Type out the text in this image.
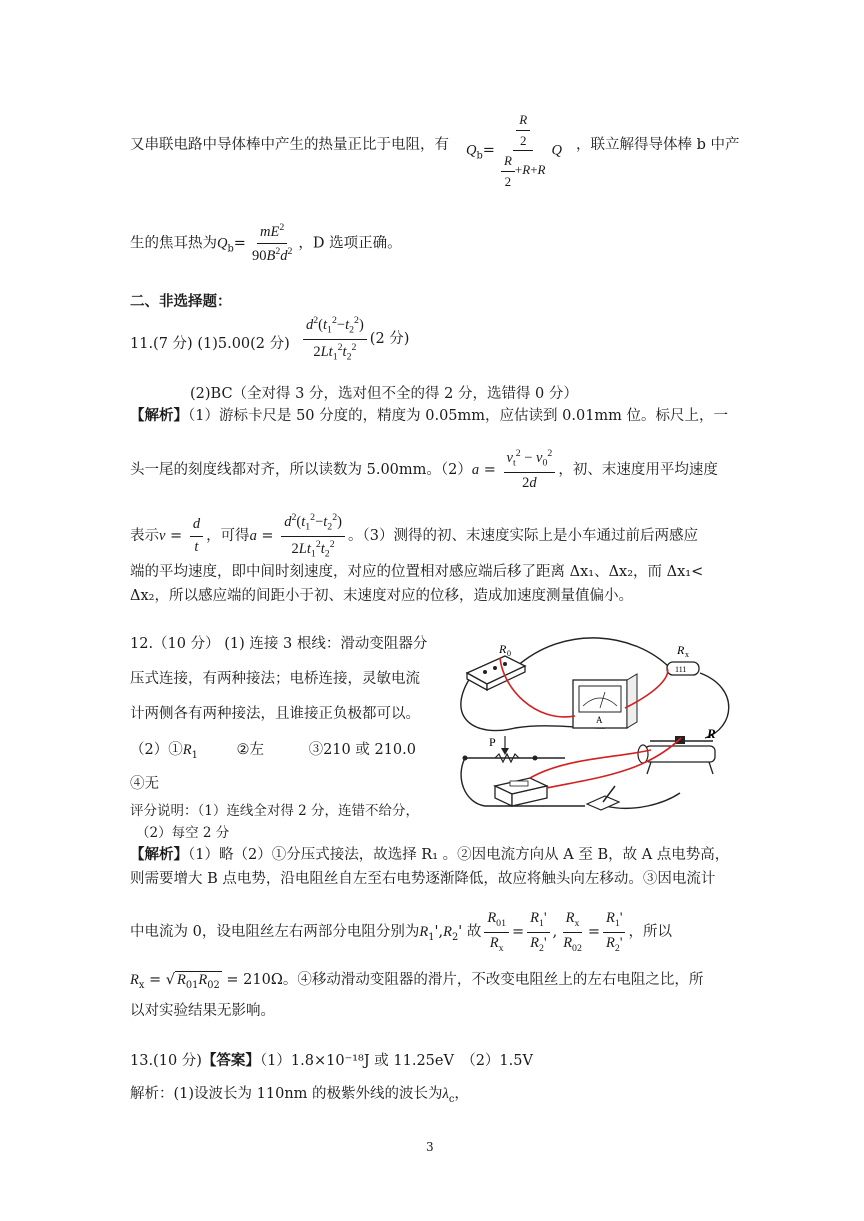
又串联电路中导体棒中产生的热量正比于电阻，有 $Q_b= \frac{\frac{R}{2}}{\frac{R}{2} +R+R}$ Q ，联立解得导体棒 b 中产
生的焦耳热为$Q_b= \frac{mE^2}{90B^2d^2}$ ，D 选项正确。
二、非选择题：
11.(7 分) (1)5.00(2 分) $\frac{d^2(t_1^2-t_2^2)}{2Lt_1^2t_2^2} (2$ 分)
(2)BC（全对得 3 分，选对但不全的得 2 分，选错得 0 分）
【解析】（1）游标卡尺是 50 分度的，精度为 0.05mm，应估读到 0.01mm 位。标尺上，一
头一尾的刻度线都对齐，所以读数为 5.00mm。$(2)a = \frac{v_t^2 - v_0^2}{2d}$ ，初、末速度用平均速度
表示$v = \frac{d}{t}$ ，可得$a = \frac{d^2(t_1^2-t_2^2)}{2Lt_1^2t_2^2}$ 。（3）测得的初、末速度实际上是小车通过前后两感应
端的平均速度，即中间时刻速度，对应的位置相对感应端后移了距离 Δx₁、Δx₂，而 Δx₁<
Δx₂，所以感应端的间距小于初、末速度对应的位移，造成加速度测量值偏小。
12.（10 分） (1) 连接 3 根线：滑动变阻器分
压式连接，有两种接法；电桥连接，灵敏电流
计两侧各有两种接法，且谁接正负极都可以。
$(2)①R_1$	②左	③210 或 210.0
④无
评分说明：（1）连线全对得 2 分，连错不给分，
（2）每空 2 分
R 0
111
R x
A
P
R
【解析】（1）略（2）①分压式接法，故选择 R₁ 。②因电流方向从 A 至 B，故 A 点电势高，
则需要增大 B 点电势，沿电阻丝自左至右电势逐渐降低，故应将触头向左移动。③因电流计
中电流为 0，设电阻丝左右两部分电阻分别为$R_1',R_2'$ 故 $\frac{R_{01}}{R_x} = \frac{R_1'}{R_2'}$ , $\frac{R_x}{R_{02}} = \frac{R_1'}{R_2'}$ ，所以
$R_x$ = √ $R_{01}R_{02} = 210\Omega$。④移动滑动变阻器的滑片，不改变电阻丝上的左右电阻之比，所
以对实验结果无影响。
13.(10 分)【答案】（1）1.8×10⁻¹⁸J 或 11.25eV　（2）1.5V
解析：(1)设波长为 110nm 的极紫外线的波长为$\lambda_c$，
3
